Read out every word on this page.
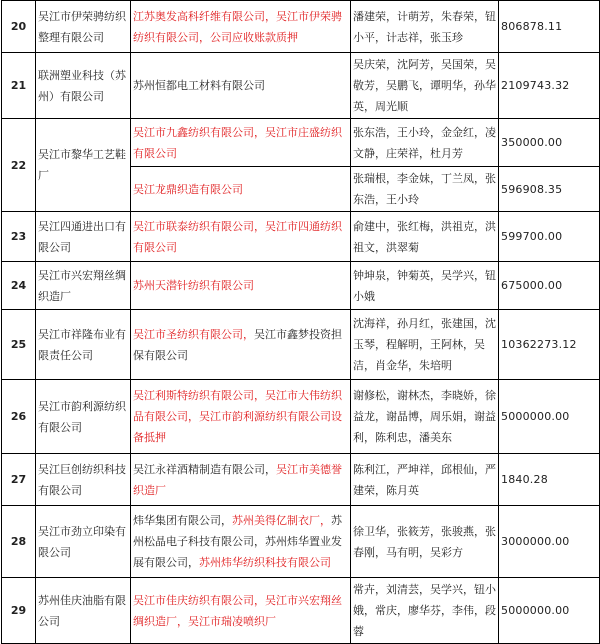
20	吴江市伊荣骋纺织整理有限公司	江苏奥发高科纤维有限公司，吴江市伊荣骋纺织有限公司，公司应收账款质押	潘建荣，计萌芳，朱春荣，钮小平，计志祥，张玉珍	806878.11
21	联洲塑业科技（苏州）有限公司	苏州恒都电工材料有限公司	吴庆荣，沈阿芳，吴国荣，吴敬芳，吴鹏飞，谭明华，孙华英，周光顺	2109743.32
22	吴江市黎华工艺鞋厂	吴江市九鑫纺织有限公司，吴江市庄盛纺织有限公司	张东浩，王小玲，金金红，凌文静，庄荣祥，杜月芳	350000.00
		吴江龙鼎织造有限公司	张瑞根，李金妹，丁兰凤，张东浩，王小玲	596908.35
23	吴江四通进出口有限公司	吴江市联泰纺织有限公司，吴江市四通纺织有限公司	俞建中，张红梅，洪祖克，洪祖文，洪翠菊	599700.00
24	吴江市兴宏翔丝绸织造厂	苏州天潜针纺织有限公司	钟坤泉，钟菊英，吴学兴，钮小娥	675000.00
25	吴江市祥隆布业有限责任公司	吴江市圣纺织有限公司，吴江市鑫梦投资担保有限公司	沈海祥，孙月红，张建国，沈玉琴，程解明，王阿林，吴洁，肖金华，朱培明	10362273.12
26	吴江市韵利源纺织有限公司	吴江利斯特纺织有限公司，吴江市大伟纺织品有限公司，吴江市韵利源纺织有限公司设备抵押	谢修松，谢林杰，李晓娇，徐益龙，谢晶博，周乐娟，谢益利，陈利忠，潘美东	5000000.00
27	吴江巨创纺织科技有限公司	吴江永祥酒精制造有限公司，吴江市美德誉织造厂	陈利江，严坤祥，邱根仙，严建荣，陈月英	1840.28
28	吴江市劲立印染有限公司	炜华集团有限公司，苏州美得亿制衣厂，苏州松晶电子科技有限公司，苏州炜华置业发展有限公司，苏州炜华纺织科技有限公司	徐卫华，张筱芳，张骏燕，张春刚，马有明，吴彩方	3000000.00
29	苏州佳庆油脂有限公司	吴江市佳庆纺织有限公司，吴江市兴宏翔丝绸织造厂，吴江市瑞凌喷织厂	常卉，刘清芸，吴学兴，钮小娥，常庆，廖华芬，李伟，段蓉	5000000.00
